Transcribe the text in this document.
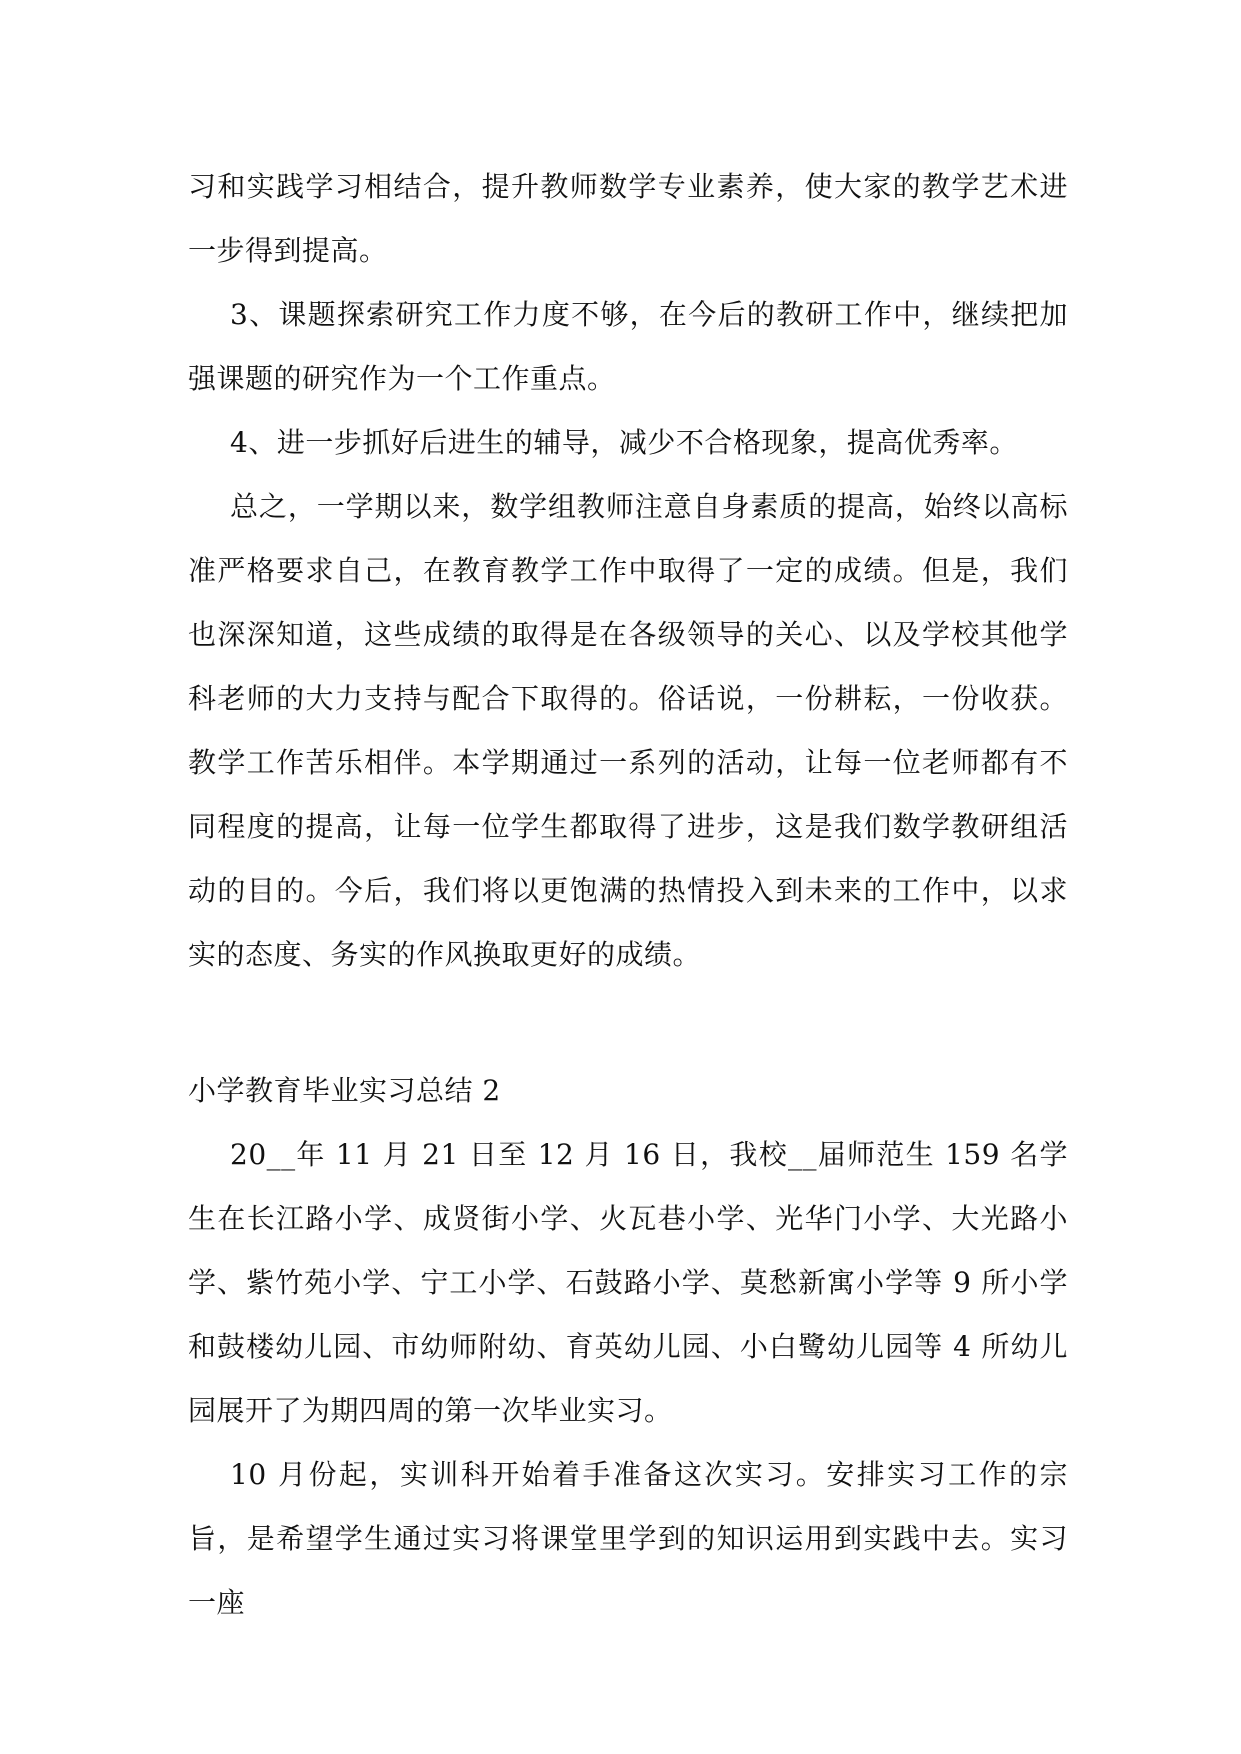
习和实践学习相结合，提升教师数学专业素养，使大家的教学艺术进一步得到提高。

3、课题探索研究工作力度不够，在今后的教研工作中，继续把加强课题的研究作为一个工作重点。

4、进一步抓好后进生的辅导，减少不合格现象，提高优秀率。

总之，一学期以来，数学组教师注意自身素质的提高，始终以高标准严格要求自己，在教育教学工作中取得了一定的成绩。但是，我们也深深知道，这些成绩的取得是在各级领导的关心、以及学校其他学科老师的大力支持与配合下取得的。俗话说，一份耕耘，一份收获。教学工作苦乐相伴。本学期通过一系列的活动，让每一位老师都有不同程度的提高，让每一位学生都取得了进步，这是我们数学教研组活动的目的。今后，我们将以更饱满的热情投入到未来的工作中，以求实的态度、务实的作风换取更好的成绩。

小学教育毕业实习总结 2

20__年 11 月 21 日至 12 月 16 日，我校__届师范生 159 名学生在长江路小学、成贤街小学、火瓦巷小学、光华门小学、大光路小学、紫竹苑小学、宁工小学、石鼓路小学、莫愁新寓小学等 9 所小学和鼓楼幼儿园、市幼师附幼、育英幼儿园、小白鹭幼儿园等 4 所幼儿园展开了为期四周的第一次毕业实习。

10 月份起，实训科开始着手准备这次实习。安排实习工作的宗旨，是希望学生通过实习将课堂里学到的知识运用到实践中去。实习一座
